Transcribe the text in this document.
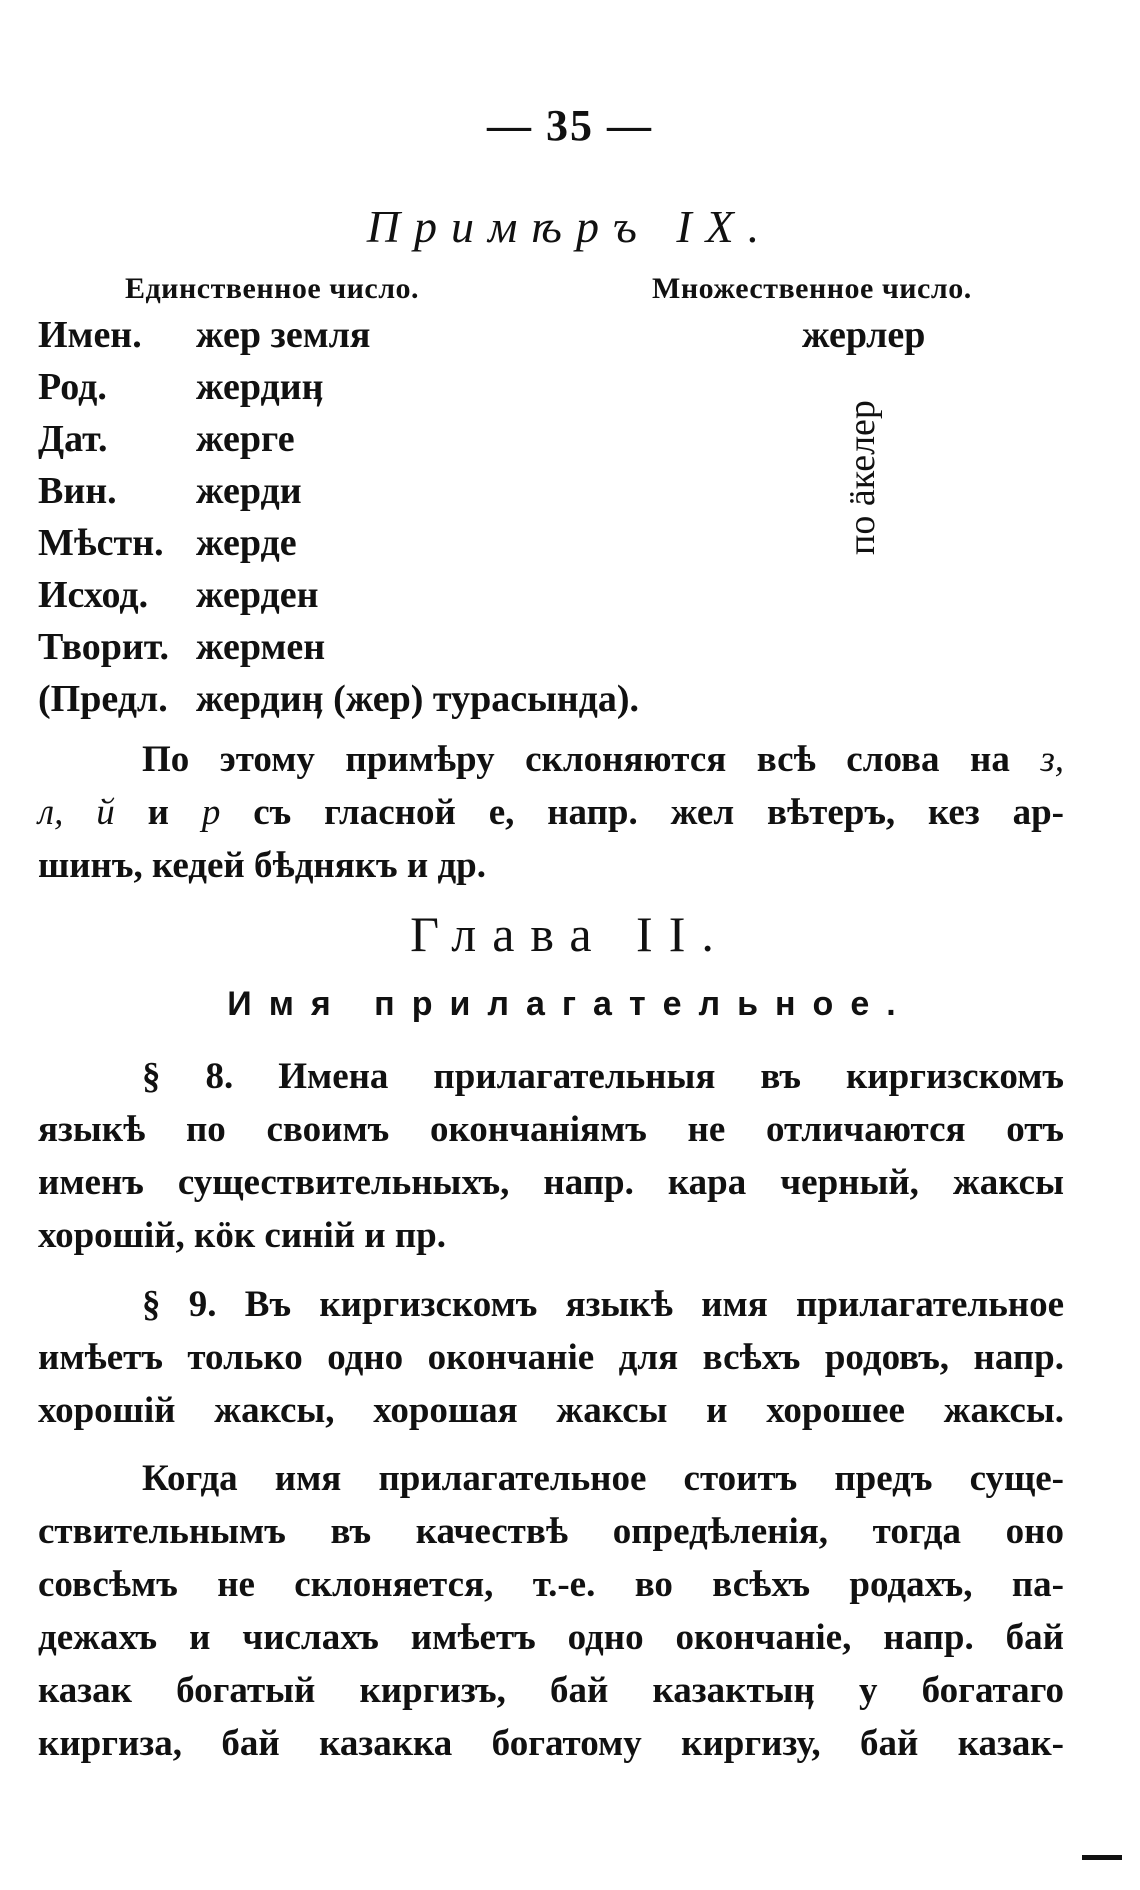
— 35 —
Примѣръ IX.
Единственное число.	Множественное число.
Имен. жер земля
Род. жердиӊ
Дат. жерге
Вин. жерди
Мѣстн. жерде
Исход. жерден
Творит. жермен
(Предл. жердиӊ (жер) турасында).
жерлер
по äкелер
По этому примѣру склоняются всѣ слова на з,
л, й и р съ гласной е, напр. жел вѣтеръ, кез ар-
шинъ, кедей бѣднякъ и др.
Глава II.
Имя прилагательное.
§ 8. Имена прилагательныя въ киргизскомъ
языкѣ по своимъ окончаніямъ не отличаются отъ
именъ существительныхъ, напр. кара черный, жаксы
хорошій, кöк синій и пр.
§ 9. Въ киргизскомъ языкѣ имя прилагательное
имѣетъ только одно окончаніе для всѣхъ родовъ, напр.
хорошій жаксы, хорошая жаксы и хорошее жаксы.
Когда имя прилагательное стоитъ предъ суще-
ствительнымъ въ качествѣ опредѣленія, тогда оно
совсѣмъ не склоняется, т.-е. во всѣхъ родахъ, па-
дежахъ и числахъ имѣетъ одно окончаніе, напр. бай
казак богатый киргизъ, бай казактыӊ у богатаго
киргиза, бай казакка богатому киргизу, бай казак-
